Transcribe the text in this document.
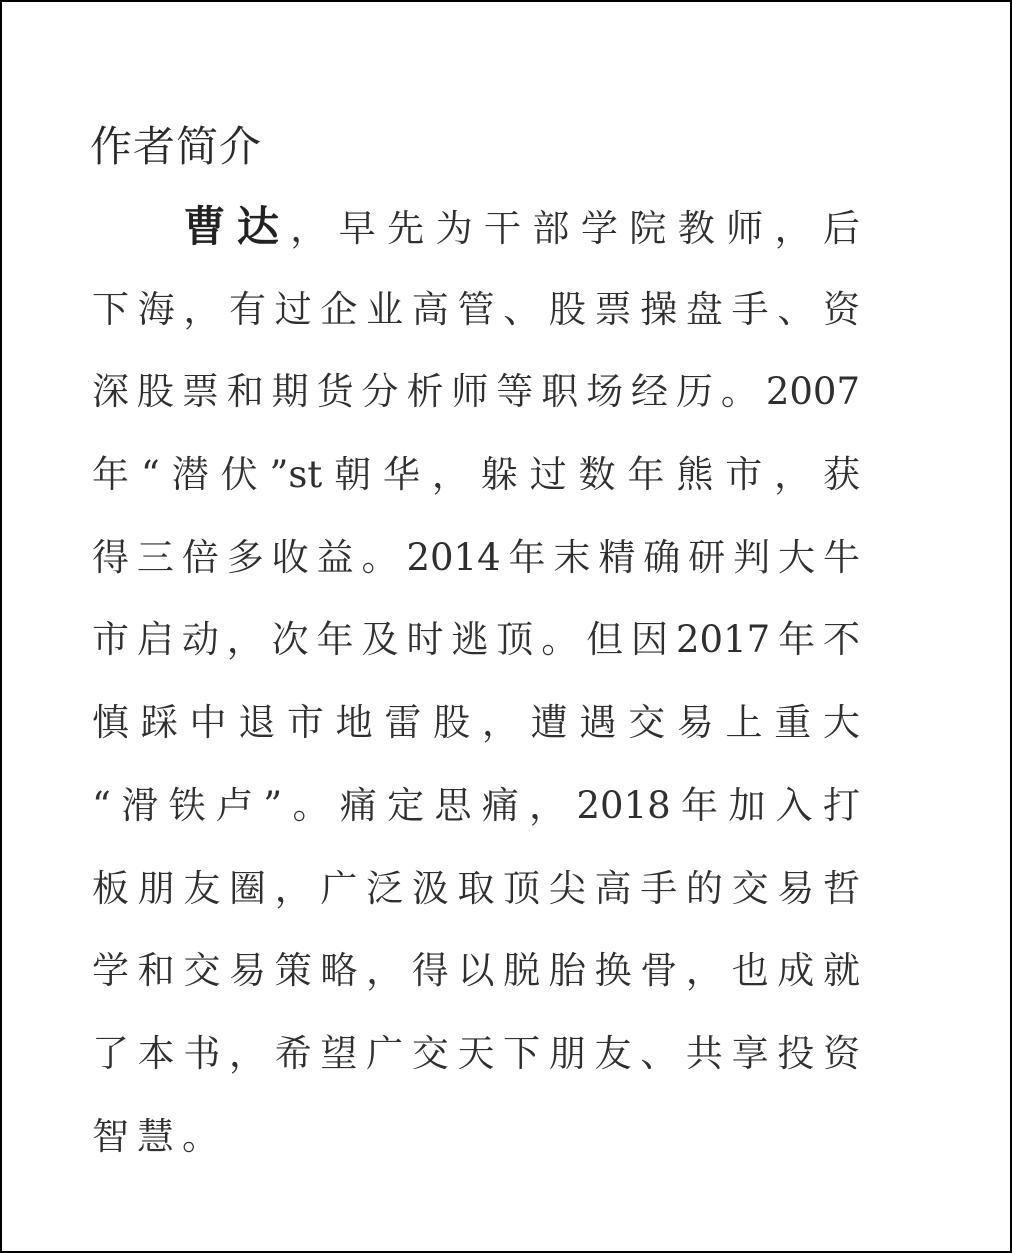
作者简介
曹达，早先为干部学院教师，后
下海，有过企业高管、股票操盘手、资
深股票和期货分析师等职场经历。2007
年“潜伏”st朝华，躲过数年熊市，获
得三倍多收益。2014年末精确研判大牛
市启动，次年及时逃顶。但因2017年不
慎踩中退市地雷股，遭遇交易上重大
“滑铁卢”。痛定思痛，2018年加入打
板朋友圈，广泛汲取顶尖高手的交易哲
学和交易策略，得以脱胎换骨，也成就
了本书，希望广交天下朋友、共享投资
智慧。
